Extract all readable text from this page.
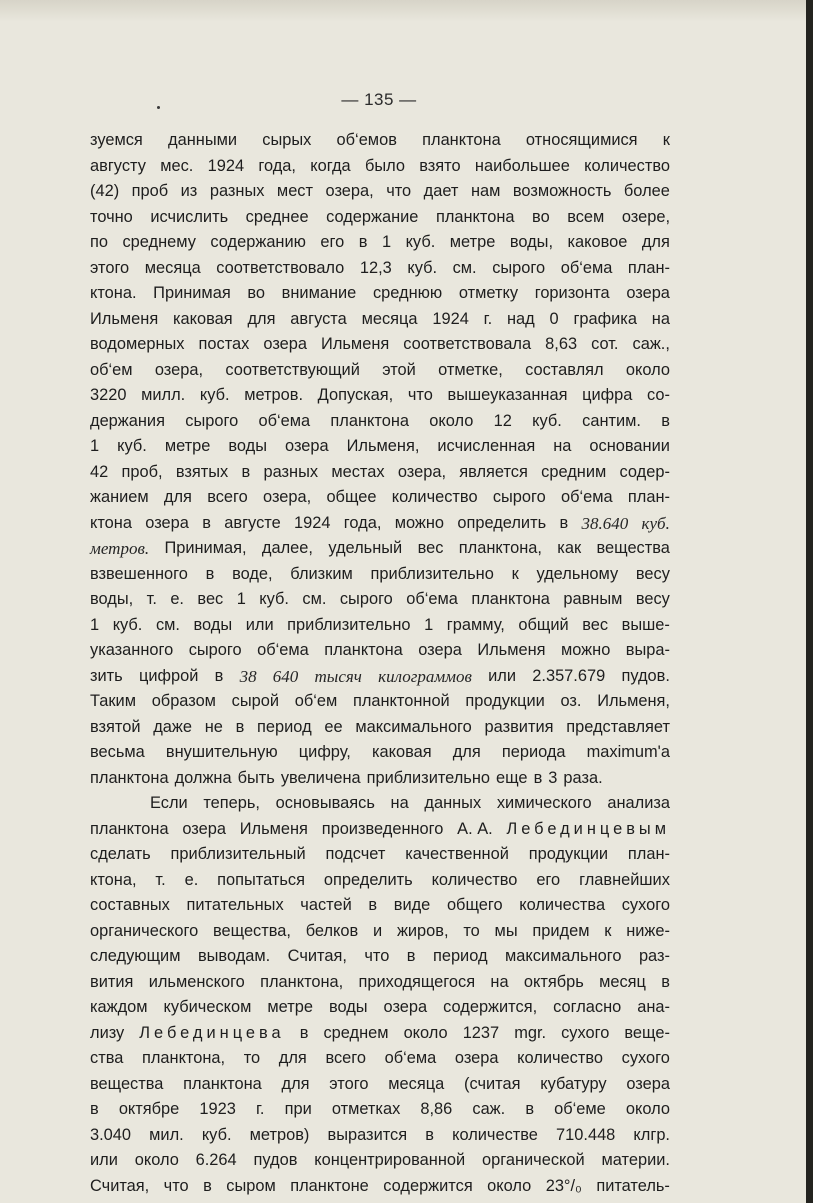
— 135 —
зуемся данными сырых об‘емов планктона относящимися к
августу мес. 1924 года, когда было взято наибольшее количество
(42) проб из разных мест озера, что дает нам возможность более
точно исчислить среднее содержание планктона во всем озере,
по среднему содержанию его в 1 куб. метре воды, каковое для
этого месяца соответствовало 12,3 куб. см. сырого об‘ема план-
ктона. Принимая во внимание среднюю отметку горизонта озера
Ильменя каковая для августа месяца 1924 г. над 0 графика на
водомерных постах озера Ильменя соответствовала 8,63 сот. саж.,
об‘ем озера, соответствующий этой отметке, составлял около
3220 милл. куб. метров. Допуская, что вышеуказанная цифра со-
держания сырого об‘ема планктона около 12 куб. сантим. в
1 куб. метре воды озера Ильменя, исчисленная на основании
42 проб, взятых в разных местах озера, является средним содер-
жанием для всего озера, общее количество сырого об‘ема план-
ктона озера в августе 1924 года, можно определить в 38.640 куб.
метров. Принимая, далее, удельный вес планктона, как вещества
взвешенного в воде, близким приблизительно к удельному весу
воды, т. е. вес 1 куб. см. сырого об‘ема планктона равным весу
1 куб. см. воды или приблизительно 1 грамму, общий вес выше-
указанного сырого об‘ема планктона озера Ильменя можно выра-
зить цифрой в 38 640 тысяч килограммов или 2.357.679 пудов.
Таким образом сырой об‘ем планктонной продукции оз. Ильменя,
взятой даже не в период ее максимального развития представляет
весьма внушительную цифру, каковая для периода maximum'a
планктона должна быть увеличена приблизительно еще в 3 раза.
Если теперь, основываясь на данных химического анализа
планктона озера Ильменя произведенного А. А. Лебединцевым
сделать приблизительный подсчет качественной продукции план-
ктона, т. е. попытаться определить количество его главнейших
составных питательных частей в виде общего количества сухого
органического вещества, белков и жиров, то мы придем к ниже-
следующим выводам. Считая, что в период максимального раз-
вития ильменского планктона, приходящегося на октябрь месяц в
каждом кубическом метре воды озера содержится, согласно ана-
лизу Лебединцева в среднем около 1237 mgr. сухого веще-
ства планктона, то для всего об‘ема озера количество сухого
вещества планктона для этого месяца (считая кубатуру озера
в октябре 1923 г. при отметках 8,86 саж. в об‘еме около
3.040 мил. куб. метров) выразится в количестве 710.448 клгр.
или около 6.264 пудов концентрированной органической материи.
Считая, что в сыром планктоне содержится около 23°/₀ питатель-
